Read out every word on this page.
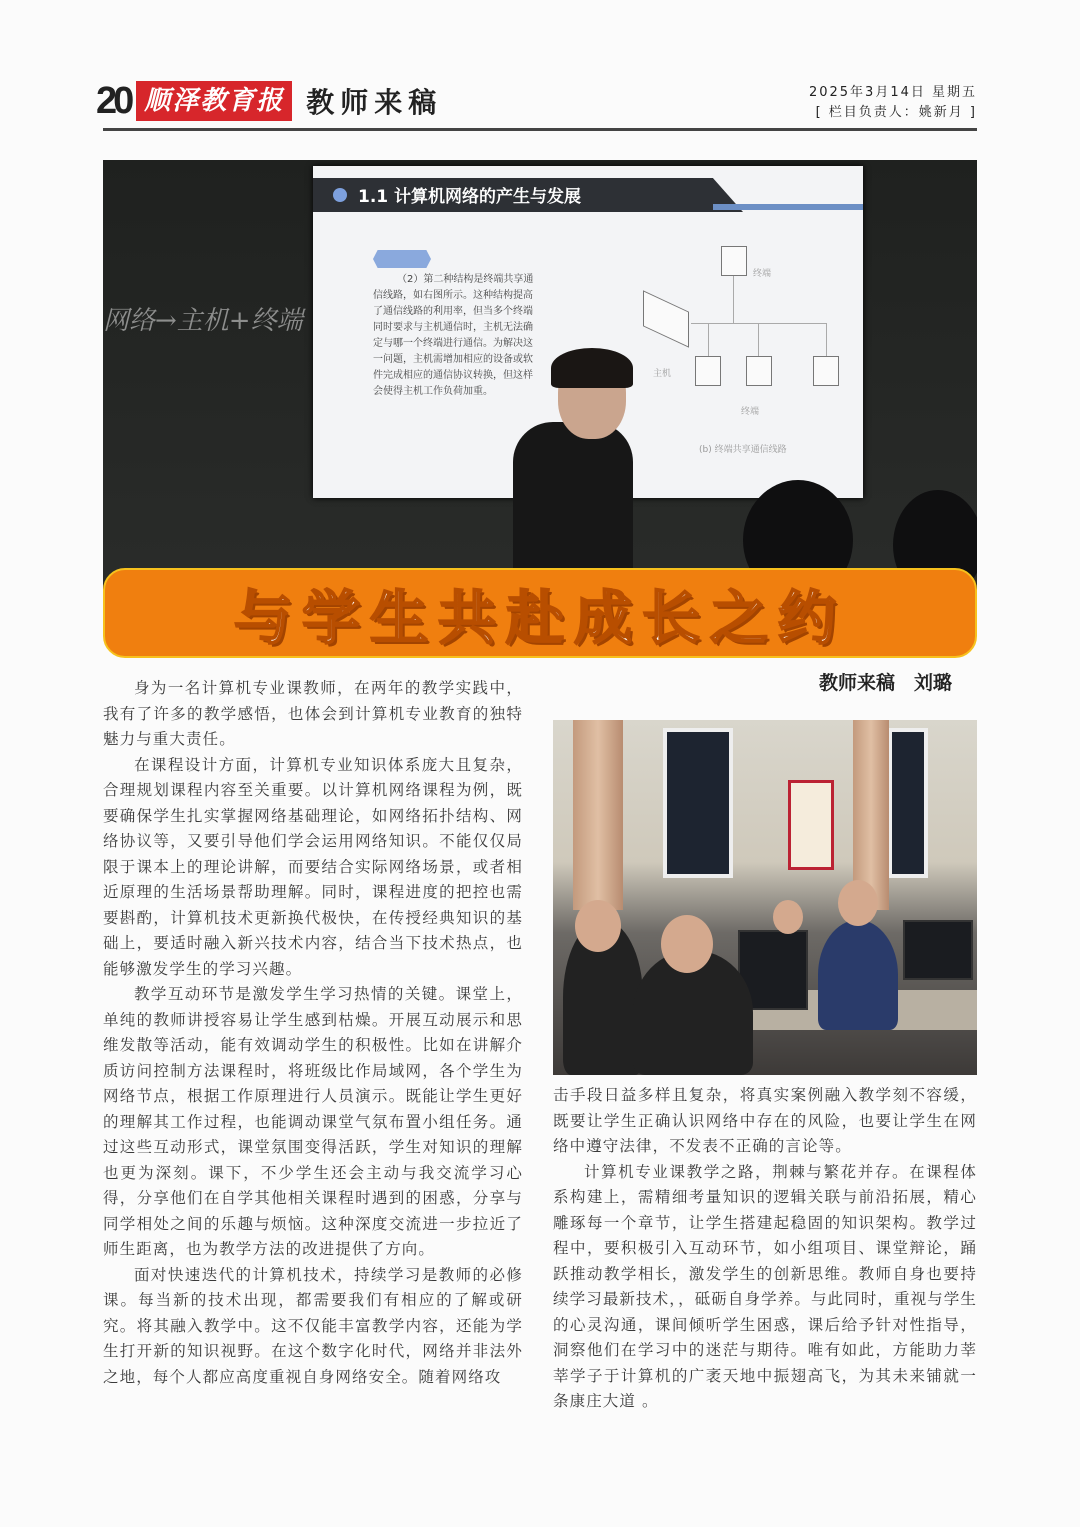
20 顺泽教育报 教师来稿	2025年3月14日 星期五
[ 栏目负责人：姚新月 ]
网络→主机+终端
1.1 计算机网络的产生与发展
（2）第二种结构是终端共享通信线路，如右图所示。这种结构提高了通信线路的利用率，但当多个终端同时要求与主机通信时，主机无法确定与哪一个终端进行通信。为解决这一问题，主机需增加相应的设备或软件完成相应的通信协议转换，但这样会使得主机工作负荷加重。
终端
主机
终端
(b) 终端共享通信线路
与学生共赴成长之约
教师来稿　刘璐

身为一名计算机专业课教师，在两年的教学实践中，我有了许多的教学感悟，也体会到计算机专业教育的独特魅力与重大责任。

在课程设计方面，计算机专业知识体系庞大且复杂，合理规划课程内容至关重要。以计算机网络课程为例，既要确保学生扎实掌握网络基础理论，如网络拓扑结构、网络协议等，又要引导他们学会运用网络知识。不能仅仅局限于课本上的理论讲解，而要结合实际网络场景，或者相近原理的生活场景帮助理解。同时，课程进度的把控也需要斟酌，计算机技术更新换代极快，在传授经典知识的基础上，要适时融入新兴技术内容，结合当下技术热点，也能够激发学生的学习兴趣。

教学互动环节是激发学生学习热情的关键。课堂上，单纯的教师讲授容易让学生感到枯燥。开展互动展示和思维发散等活动，能有效调动学生的积极性。比如在讲解介质访问控制方法课程时，将班级比作局域网，各个学生为网络节点，根据工作原理进行人员演示。既能让学生更好的理解其工作过程，也能调动课堂气氛布置小组任务。通过这些互动形式，课堂氛围变得活跃，学生对知识的理解也更为深刻。课下，不少学生还会主动与我交流学习心得，分享他们在自学其他相关课程时遇到的困惑，分享与同学相处之间的乐趣与烦恼。这种深度交流进一步拉近了师生距离，也为教学方法的改进提供了方向。

面对快速迭代的计算机技术，持续学习是教师的必修课。每当新的技术出现，都需要我们有相应的了解或研究。将其融入教学中。这不仅能丰富教学内容，还能为学生打开新的知识视野。在这个数字化时代，网络并非法外之地，每个人都应高度重视自身网络安全。随着网络攻

击手段日益多样且复杂，将真实案例融入教学刻不容缓，既要让学生正确认识网络中存在的风险，也要让学生在网络中遵守法律，不发表不正确的言论等。

计算机专业课教学之路，荆棘与繁花并存。在课程体系构建上，需精细考量知识的逻辑关联与前沿拓展，精心雕琢每一个章节，让学生搭建起稳固的知识架构。教学过程中，要积极引入互动环节，如小组项目、课堂辩论，踊跃推动教学相长，激发学生的创新思维。教师自身也要持续学习最新技术，，砥砺自身学养。与此同时，重视与学生的心灵沟通，课间倾听学生困惑，课后给予针对性指导，洞察他们在学习中的迷茫与期待。唯有如此，方能助力莘莘学子于计算机的广袤天地中振翅高飞，为其未来铺就一条康庄大道 。
